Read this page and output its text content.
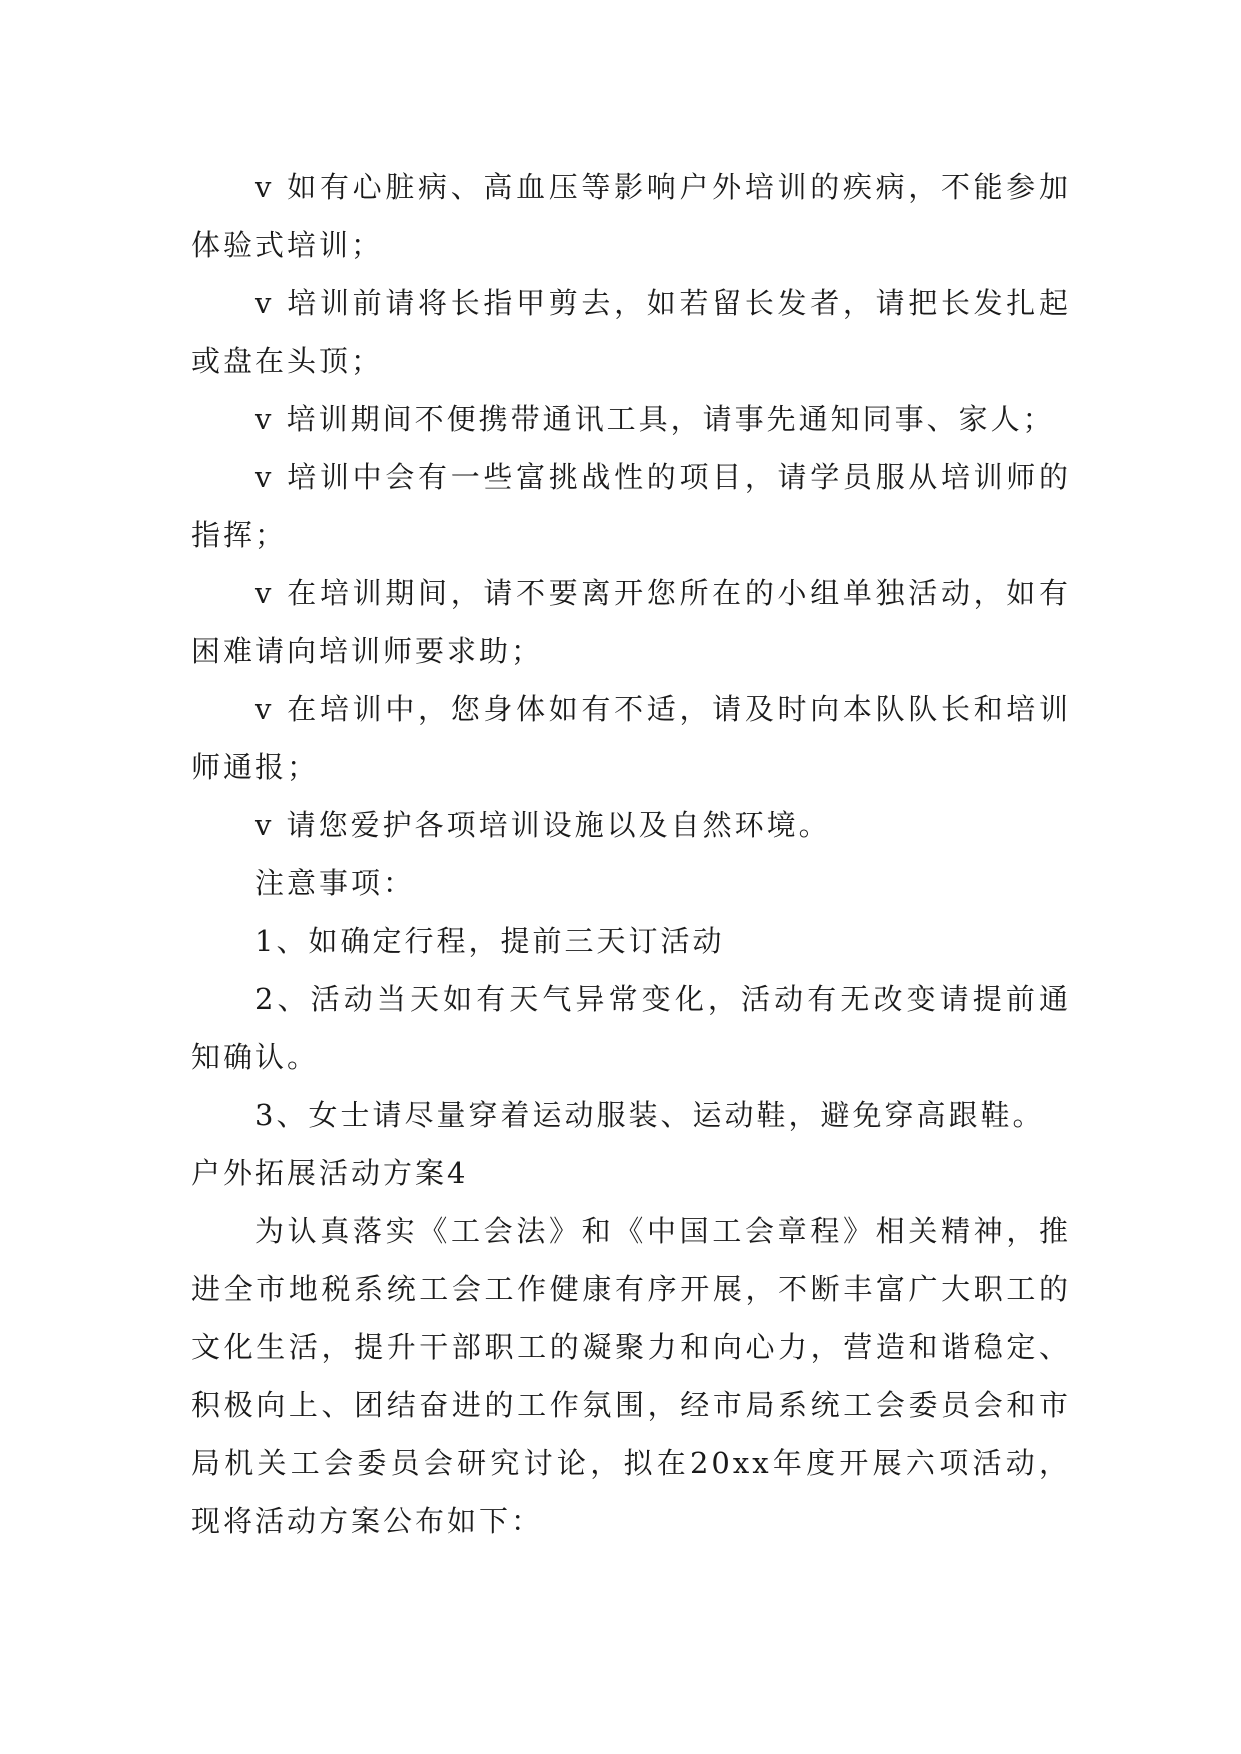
v 如有心脏病、高血压等影响户外培训的疾病，不能参加体验式培训；

v 培训前请将长指甲剪去，如若留长发者，请把长发扎起或盘在头顶；

v 培训期间不便携带通讯工具，请事先通知同事、家人；

v 培训中会有一些富挑战性的项目，请学员服从培训师的指挥；

v 在培训期间，请不要离开您所在的小组单独活动，如有困难请向培训师要求助；

v 在培训中，您身体如有不适，请及时向本队队长和培训师通报；

v 请您爱护各项培训设施以及自然环境。

注意事项：

1、如确定行程，提前三天订活动

2、活动当天如有天气异常变化，活动有无改变请提前通知确认。

3、女士请尽量穿着运动服装、运动鞋，避免穿高跟鞋。

户外拓展活动方案4

为认真落实《工会法》和《中国工会章程》相关精神，推进全市地税系统工会工作健康有序开展，不断丰富广大职工的文化生活，提升干部职工的凝聚力和向心力，营造和谐稳定、积极向上、团结奋进的工作氛围，经市局系统工会委员会和市局机关工会委员会研究讨论，拟在20xx年度开展六项活动，现将活动方案公布如下：
